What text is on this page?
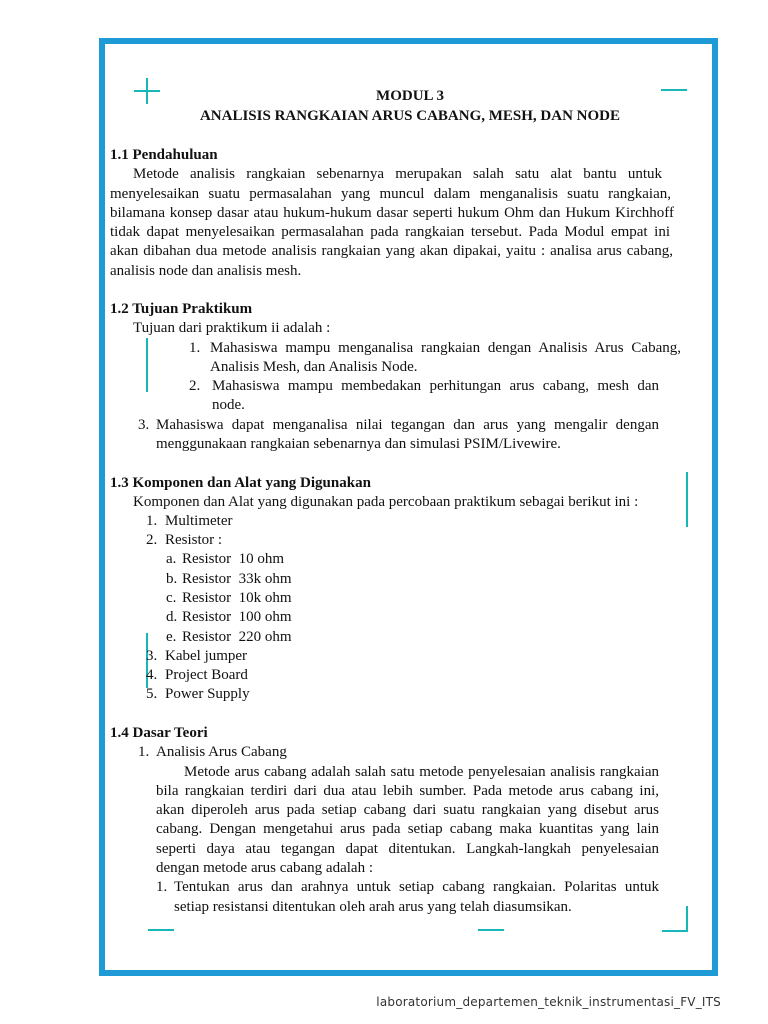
MODUL 3
ANALISIS RANGKAIAN ARUS CABANG, MESH, DAN NODE
1.1 Pendahuluan
Metode analisis rangkaian sebenarnya merupakan salah satu alat bantu untuk
menyelesaikan suatu permasalahan yang muncul dalam menganalisis suatu rangkaian,
bilamana konsep dasar atau hukum-hukum dasar seperti hukum Ohm dan Hukum Kirchhoff
tidak dapat menyelesaikan permasalahan pada rangkaian tersebut. Pada Modul empat ini
akan dibahan dua metode analisis rangkaian yang akan dipakai, yaitu : analisa arus cabang,
analisis node dan analisis mesh.
1.2 Tujuan Praktikum
Tujuan dari praktikum ii adalah :
1. Mahasiswa mampu menganalisa rangkaian dengan Analisis Arus Cabang,
Analisis Mesh, dan Analisis Node.
2. Mahasiswa mampu membedakan perhitungan arus cabang, mesh dan
node.
3. Mahasiswa dapat menganalisa nilai tegangan dan arus yang mengalir dengan
menggunakaan rangkaian sebenarnya dan simulasi PSIM/Livewire.
1.3 Komponen dan Alat yang Digunakan
Komponen dan Alat yang digunakan pada percobaan praktikum sebagai berikut ini :
1. Multimeter
2. Resistor :
a. Resistor  10 ohm
b. Resistor  33k ohm
c. Resistor  10k ohm
d. Resistor  100 ohm
e. Resistor  220 ohm
3. Kabel jumper
4. Project Board
5. Power Supply
1.4 Dasar Teori
1. Analisis Arus Cabang
Metode arus cabang adalah salah satu metode penyelesaian analisis rangkaian
bila rangkaian terdiri dari dua atau lebih sumber. Pada metode arus cabang ini,
akan diperoleh arus pada setiap cabang dari suatu rangkaian yang disebut arus
cabang. Dengan mengetahui arus pada setiap cabang maka kuantitas yang lain
seperti daya atau tegangan dapat ditentukan. Langkah-langkah penyelesaian
dengan metode arus cabang adalah :
1. Tentukan arus dan arahnya untuk setiap cabang rangkaian. Polaritas untuk
setiap resistansi ditentukan oleh arah arus yang telah diasumsikan.
laboratorium_departemen_teknik_instrumentasi_FV_ITS
